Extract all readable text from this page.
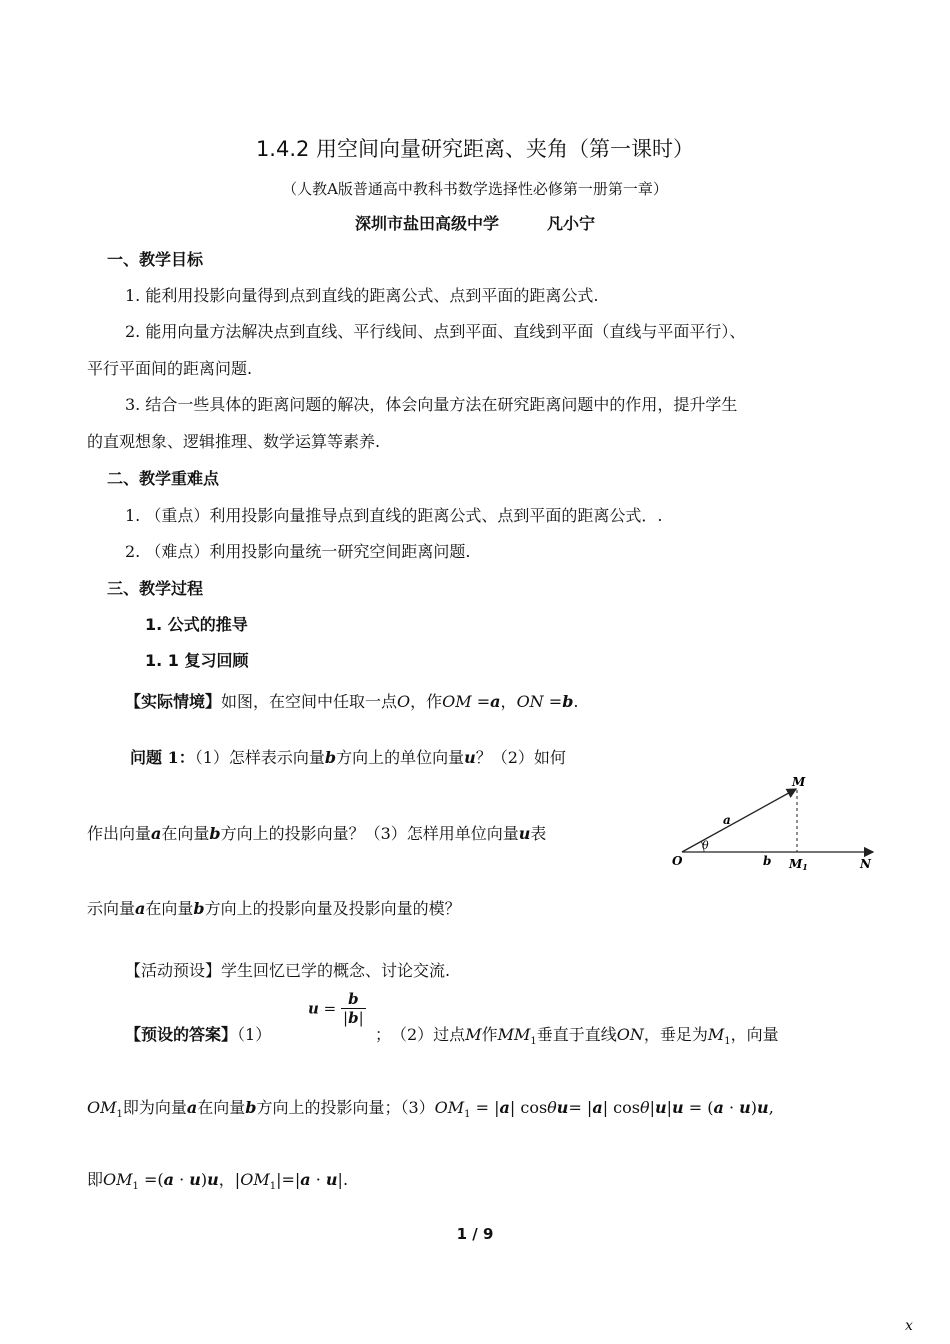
1.4.2 用空间向量研究距离、夹角（第一课时）
（人教A版普通高中教科书数学选择性必修第一册第一章）
深圳市盐田高级中学	凡小宁
一、教学目标
1. 能利用投影向量得到点到直线的距离公式、点到平面的距离公式.
2. 能用向量方法解决点到直线、平行线间、点到平面、直线到平面（直线与平面平行）、
平行平面间的距离问题.
3. 结合一些具体的距离问题的解决，体会向量方法在研究距离问题中的作用，提升学生
的直观想象、逻辑推理、数学运算等素养.
二、教学重难点
1. （重点）利用投影向量推导点到直线的距离公式、点到平面的距离公式．.
2. （难点）利用投影向量统一研究空间距离问题.
三、教学过程
1. 公式的推导
1. 1 复习回顾
【实际情境】如图，在空间中任取一点O，作OM =a，ON =b.
问题 1：（1）怎样表示向量b方向上的单位向量u？（2）如何
作出向量a在向量b方向上的投影向量？（3）怎样用单位向量u表
示向量a在向量b方向上的投影向量及投影向量的模？
O
M
M1	N
a
b
θ
【活动预设】学生回忆已学的概念、讨论交流.
【预设的答案】（1）
$u = \frac{b}{|b|}$
；　（2）过点M作$MM_1$垂直于直线ON，垂足为$M_1$，向量
$OM_1$即为向量a在向量b方向上的投影向量；$(3)OM_1 = |a|$ cosθu= |a| cosθ|u|u = (a · u)u,
即$OM_1 =(a \cdot u)u$，$|OM_1|=|a \cdot u|$.
1 / 9
x
